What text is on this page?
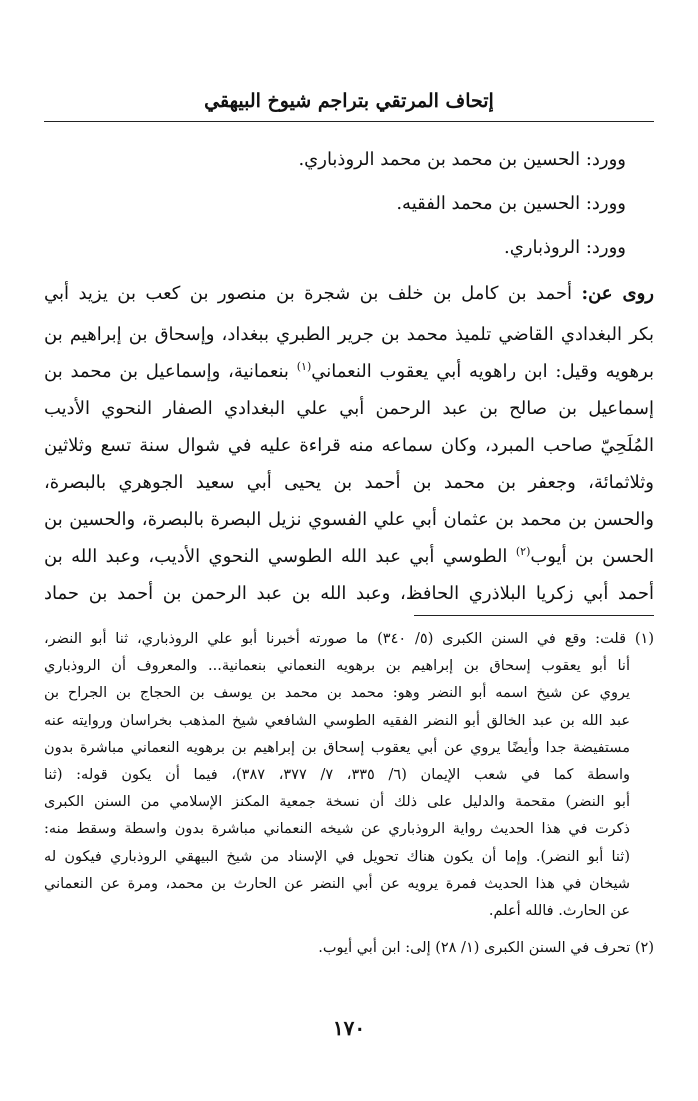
إتحاف المرتقي بتراجم شيوخ البيهقي
وورد: الحسين بن محمد بن محمد الروذباري.
وورد: الحسين بن محمد الفقيه.
وورد: الروذباري.
روى عن: أحمد بن كامل بن خلف بن شجرة بن منصور بن كعب بن يزيد أبي
بكر البغدادي القاضي تلميذ محمد بن جرير الطبري ببغداد، وإسحاق بن إبراهيم بن
برهويه وقيل: ابن راهويه أبي يعقوب النعماني$^{(١)}$ بنعمانية، وإسماعيل بن محمد بن
إسماعيل بن صالح بن عبد الرحمن أبي علي البغدادي الصفار النحوي الأديب
المُلَحِيّ صاحب المبرد، وكان سماعه منه قراءة عليه في شوال سنة تسع وثلاثين
وثلاثمائة، وجعفر بن محمد بن أحمد بن يحيى أبي سعيد الجوهري بالبصرة،
والحسن بن محمد بن عثمان أبي علي الفسوي نزيل البصرة بالبصرة، والحسين بن
الحسن بن أيوب$^{(٢)}$ الطوسي أبي عبد الله الطوسي النحوي الأديب، وعبد الله بن
أحمد أبي زكريا البلاذري الحافظ، وعبد الله بن عبد الرحمن بن أحمد بن حماد
(١) قلت: وقع في السنن الكبرى (٥/ ٣٤٠) ما صورته أخبرنا أبو علي الروذباري، ثنا أبو النضر،
أنا أبو يعقوب إسحاق بن إبراهيم بن برهويه النعماني بنعمانية... والمعروف أن الروذباري
يروي عن شيخ اسمه أبو النضر وهو: محمد بن محمد بن يوسف بن الحجاج بن الجراح بن
عبد الله بن عبد الخالق أبو النضر الفقيه الطوسي الشافعي شيخ المذهب بخراسان وروايته عنه
مستفيضة جدا وأيضًا يروي عن أبي يعقوب إسحاق بن إبراهيم بن برهويه النعماني مباشرة بدون
واسطة كما في شعب الإيمان (٦/ ٣٣٥، ٧/ ٣٧٧، ٣٨٧)، فيما أن يكون قوله: (ثنا
أبو النضر) مقحمة والدليل على ذلك أن نسخة جمعية المكنز الإسلامي من السنن الكبرى
ذكرت في هذا الحديث رواية الروذباري عن شيخه النعماني مباشرة بدون واسطة وسقط منه:
(ثنا أبو النضر). وإما أن يكون هناك تحويل في الإسناد من شيخ البيهقي الروذباري فيكون له
شيخان في هذا الحديث فمرة يرويه عن أبي النضر عن الحارث بن محمد، ومرة عن النعماني
عن الحارث. فالله أعلم.
(٢) تحرف في السنن الكبرى (١/ ٢٨) إلى: ابن أبي أيوب.
١٧٠
